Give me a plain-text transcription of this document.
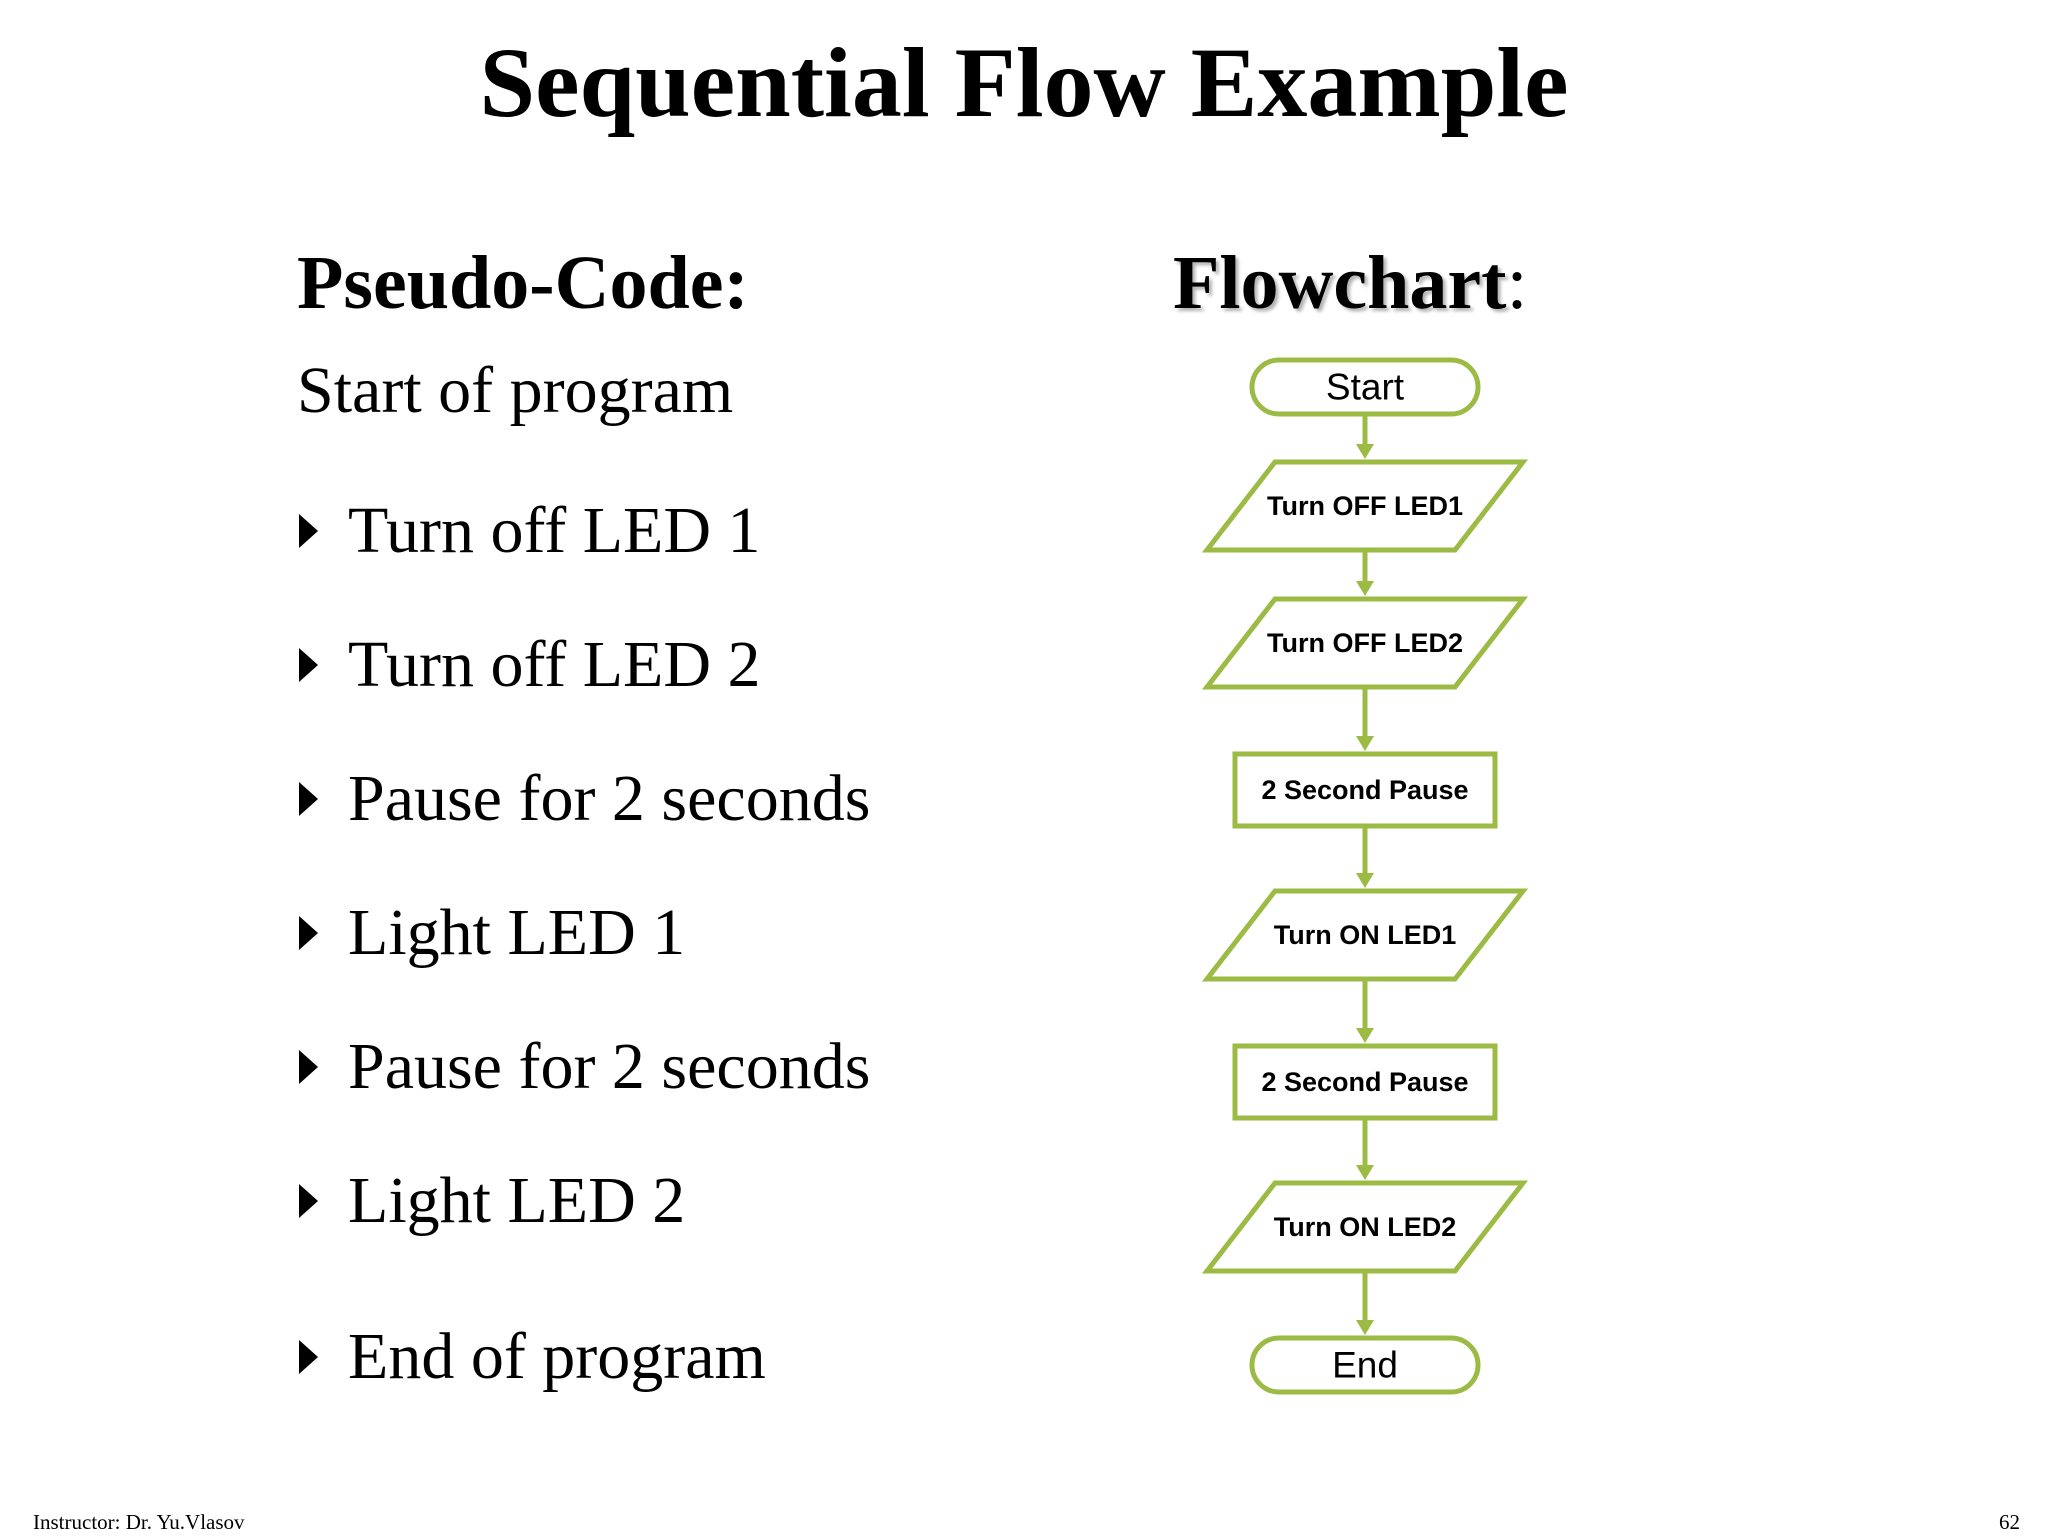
Sequential Flow Example
Pseudo-Code:	Flowchart:
Start of program
Turn off LED 1
Turn off LED 2
Pause for 2 seconds
Light LED 1
Pause for 2 seconds
Light LED 2
End of program
Start
Turn OFF LED1
Turn OFF LED2
2 Second Pause
Turn ON LED1
2 Second Pause
Turn ON LED2
End
Instructor: Dr. Yu.Vlasov	62
